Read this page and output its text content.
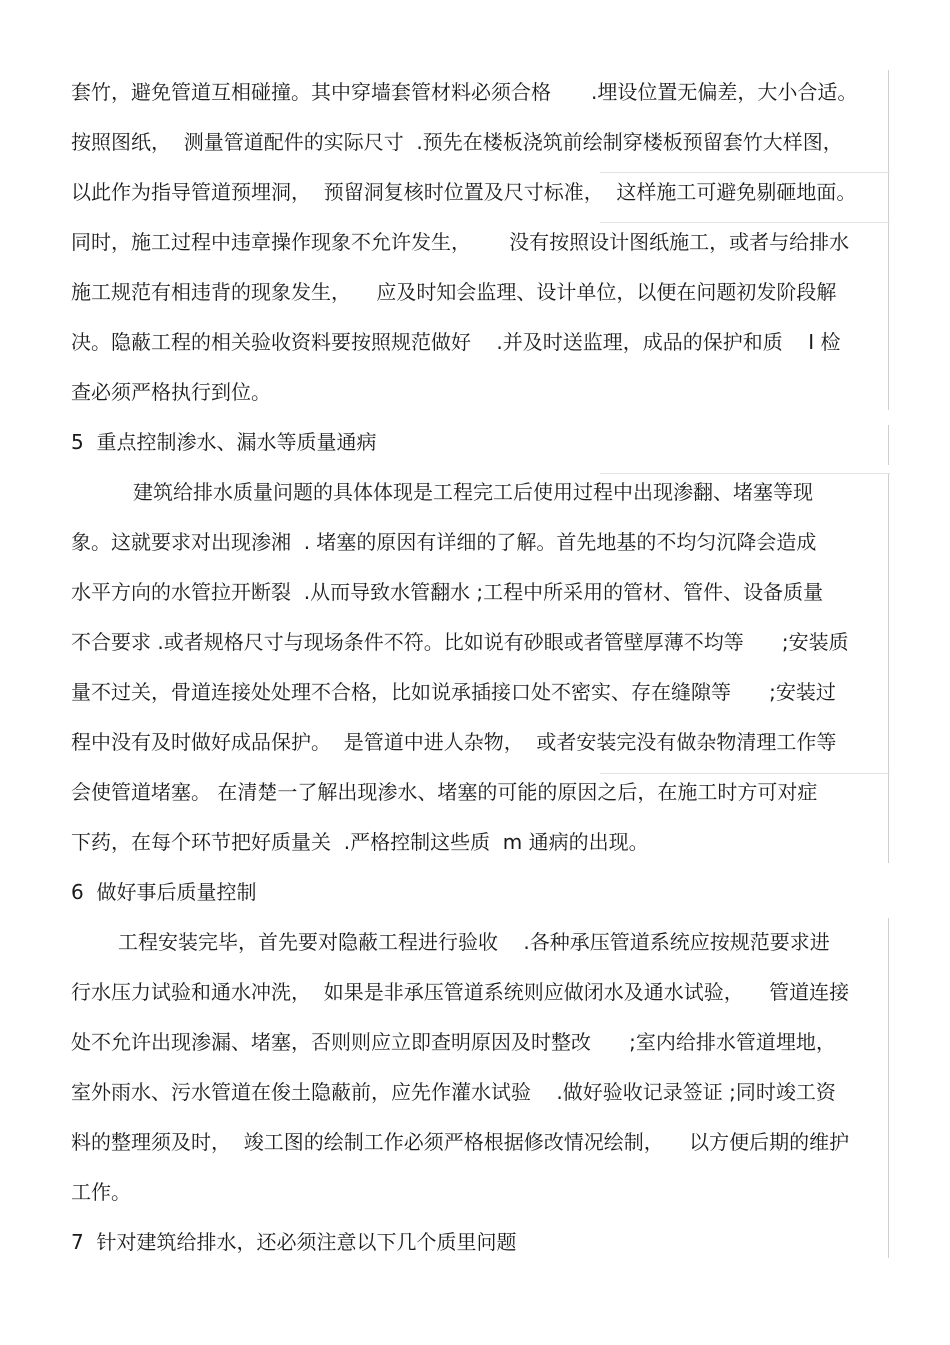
套竹，避免管道互相碰撞。其中穿墙套管材料必须合格　　.埋设位置无偏差，大小合适。
按照图纸，  测量管道配件的实际尺寸  .预先在楼板浇筑前绘制穿楼板预留套竹大样图，
以此作为指导管道预埋洞，  预留洞复核时位置及尺寸标准，  这样施工可避免剔砸地面。
同时，施工过程中违章操作现象不允许发生，      没有按照设计图纸施工，或者与给排水
施工规范有相违背的现象发生，    应及时知会监理、设计单位，以便在问题初发阶段解
决。隐蔽工程的相关验收资料要按照规范做好    .并及时送监理，成品的保护和质    I 检
查必须严格执行到位。
5  重点控制渗水、漏水等质量通病
建筑给排水质量问题的具体体现是工程完工后使用过程中出现渗翻、堵塞等现
象。这就要求对出现渗湘  . 堵塞的原因有详细的了解。首先地基的不均匀沉降会造成
水平方向的水管拉开断裂  .从而导致水管翻水 ;工程中所采用的管材、管件、设备质量
不合要求 .或者规格尺寸与现场条件不符。比如说有砂眼或者管壁厚薄不均等      ;安装质
量不过关，骨道连接处处理不合格，比如说承插接口处不密实、存在缝隙等      ;安装过
程中没有及时做好成品保护。  是管道中进人杂物，  或者安装完没有做杂物清理工作等
会使管道堵塞。 在清楚一了解出现渗水、堵塞的可能的原因之后，在施工时方可对症
下药，在每个环节把好质量关  .严格控制这些质  m 通病的出现。
6  做好事后质量控制
工程安装完毕，首先要对隐蔽工程进行验收    .各种承压管道系统应按规范要求进
行水压力试验和通水冲洗，  如果是非承压管道系统则应做闭水及通水试验，    管道连接
处不允许出现渗漏、堵塞，否则则应立即查明原因及时整改      ;室内给排水管道埋地，
室外雨水、污水管道在俊土隐蔽前，应先作灌水试验    .做好验收记录签证 ;同时竣工资
料的整理须及时，  竣工图的绘制工作必须严格根据修改情况绘制，    以方便后期的维护
工作。
7  针对建筑给排水，还必须注意以下几个质里问题
